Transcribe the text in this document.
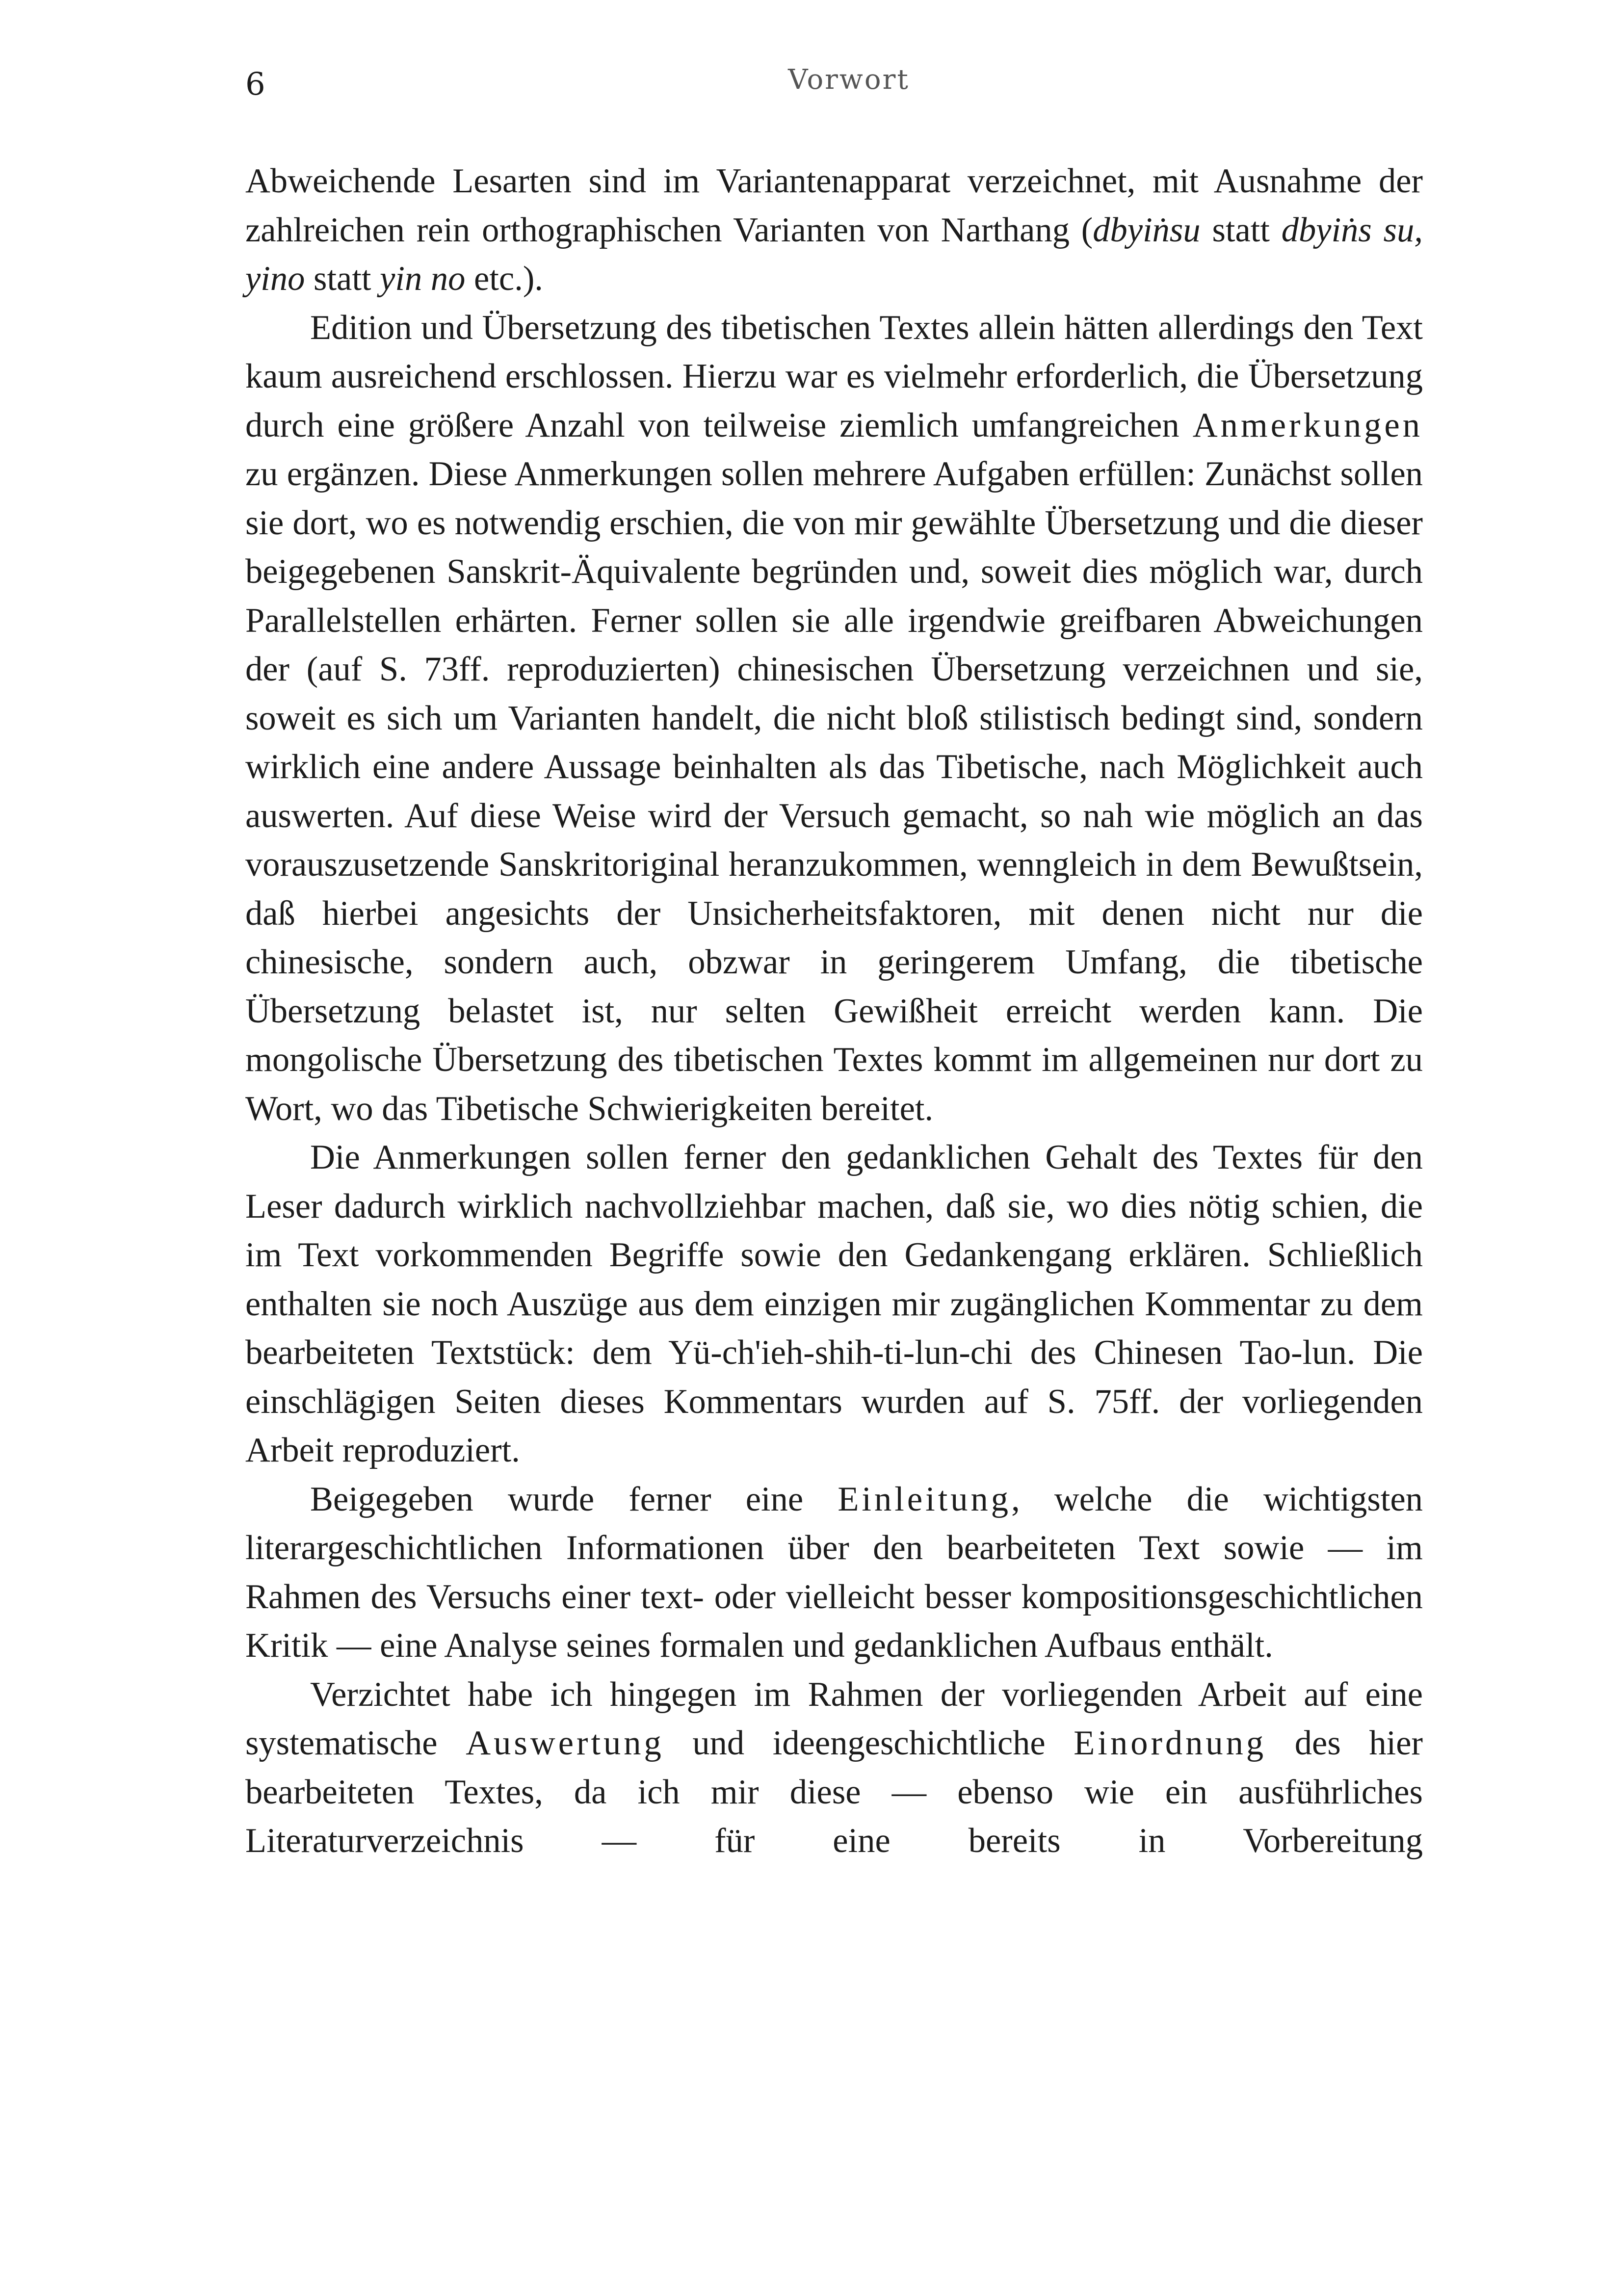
6	Vorwort

Abweichende Lesarten sind im Variantenapparat verzeichnet, mit Ausnahme der zahlreichen rein orthographischen Varianten von Narthang (dbyiṅsu statt dbyiṅs su, yino statt yin no etc.).

Edition und Übersetzung des tibetischen Textes allein hätten allerdings den Text kaum ausreichend erschlossen. Hierzu war es vielmehr erforderlich, die Übersetzung durch eine größere Anzahl von teilweise ziemlich umfangreichen Anmerkungen zu ergänzen. Diese Anmerkungen sollen mehrere Aufgaben erfüllen: Zunächst sollen sie dort, wo es notwendig erschien, die von mir gewählte Übersetzung und die dieser beigegebenen Sanskrit-Äquivalente begründen und, soweit dies möglich war, durch Parallelstellen erhärten. Ferner sollen sie alle irgendwie greifbaren Abweichungen der (auf S. 73ff. reproduzierten) chinesischen Übersetzung verzeichnen und sie, soweit es sich um Varianten handelt, die nicht bloß stilistisch bedingt sind, sondern wirklich eine andere Aussage beinhalten als das Tibetische, nach Möglichkeit auch auswerten. Auf diese Weise wird der Versuch gemacht, so nah wie möglich an das vorauszusetzende Sanskritoriginal heranzukommen, wenngleich in dem Bewußtsein, daß hierbei angesichts der Unsicherheitsfaktoren, mit denen nicht nur die chinesische, sondern auch, obzwar in geringerem Umfang, die tibetische Übersetzung belastet ist, nur selten Gewißheit erreicht werden kann. Die mongolische Übersetzung des tibetischen Textes kommt im allgemeinen nur dort zu Wort, wo das Tibetische Schwierigkeiten bereitet.

Die Anmerkungen sollen ferner den gedanklichen Gehalt des Textes für den Leser dadurch wirklich nachvollziehbar machen, daß sie, wo dies nötig schien, die im Text vorkommenden Begriffe sowie den Gedankengang erklären. Schließlich enthalten sie noch Auszüge aus dem einzigen mir zugänglichen Kommentar zu dem bearbeiteten Textstück: dem Yü-ch'ieh-shih-ti-lun-chi des Chinesen Tao-lun. Die einschlägigen Seiten dieses Kommentars wurden auf S. 75ff. der vorliegenden Arbeit reproduziert.

Beigegeben wurde ferner eine Einleitung, welche die wichtigsten literargeschichtlichen Informationen über den bearbeiteten Text sowie — im Rahmen des Versuchs einer text- oder vielleicht besser kompositionsgeschichtlichen Kritik — eine Analyse seines formalen und gedanklichen Aufbaus enthält.

Verzichtet habe ich hingegen im Rahmen der vorliegenden Arbeit auf eine systematische Auswertung und ideengeschichtliche Einordnung des hier bearbeiteten Textes, da ich mir diese — ebenso wie ein ausführliches Literaturverzeichnis — für eine bereits in Vorbereitung
